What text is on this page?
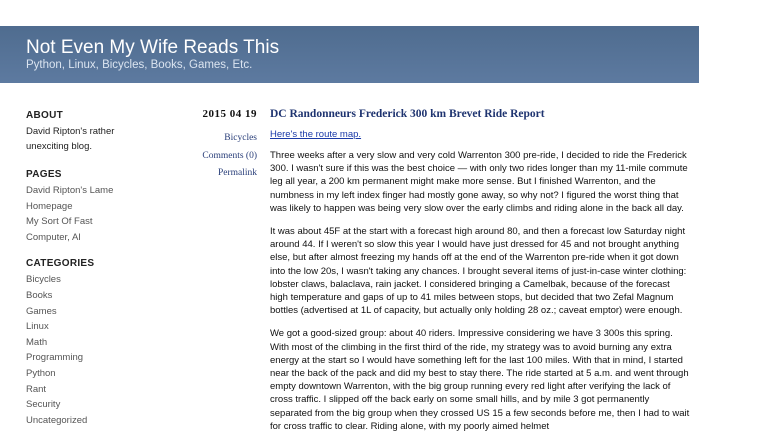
Not Even My Wife Reads This
Python, Linux, Bicycles, Books, Games, Etc.
ABOUT
David Ripton's rather unexciting blog.
PAGES
David Ripton's Lame Homepage
My Sort Of Fast Computer, AI
CATEGORIES
Bicycles
Books
Games
Linux
Math
Programming
Python
Rant
Security
Uncategorized
2015 04 19
Bicycles
Comments (0)
Permalink
DC Randonneurs Frederick 300 km Brevet Ride Report
Here's the route map.

Three weeks after a very slow and very cold Warrenton 300 pre-ride, I decided to ride the Frederick 300. I wasn't sure if this was the best choice — with only two rides longer than my 11-mile commute leg all year, a 200 km permanent might make more sense. But I finished Warrenton, and the numbness in my left index finger had mostly gone away, so why not? I figured the worst thing that was likely to happen was being very slow over the early climbs and riding alone in the back all day.

It was about 45F at the start with a forecast high around 80, and then a forecast low Saturday night around 44. If I weren't so slow this year I would have just dressed for 45 and not brought anything else, but after almost freezing my hands off at the end of the Warrenton pre-ride when it got down into the low 20s, I wasn't taking any chances. I brought several items of just-in-case winter clothing: lobster claws, balaclava, rain jacket. I considered bringing a Camelbak, because of the forecast high temperature and gaps of up to 41 miles between stops, but decided that two Zefal Magnum bottles (advertised at 1L of capacity, but actually only holding 28 oz.; caveat emptor) were enough.

We got a good-sized group: about 40 riders. Impressive considering we have 3 300s this spring. With most of the climbing in the first third of the ride, my strategy was to avoid burning any extra energy at the start so I would have something left for the last 100 miles. With that in mind, I started near the back of the pack and did my best to stay there. The ride started at 5 a.m. and went through empty downtown Warrenton, with the big group running every red light after verifying the lack of cross traffic. I slipped off the back early on some small hills, and by mile 3 got permanently separated from the big group when they crossed US 15 a few seconds before me, then I had to wait for cross traffic to clear. Riding alone, with my poorly aimed helmet
